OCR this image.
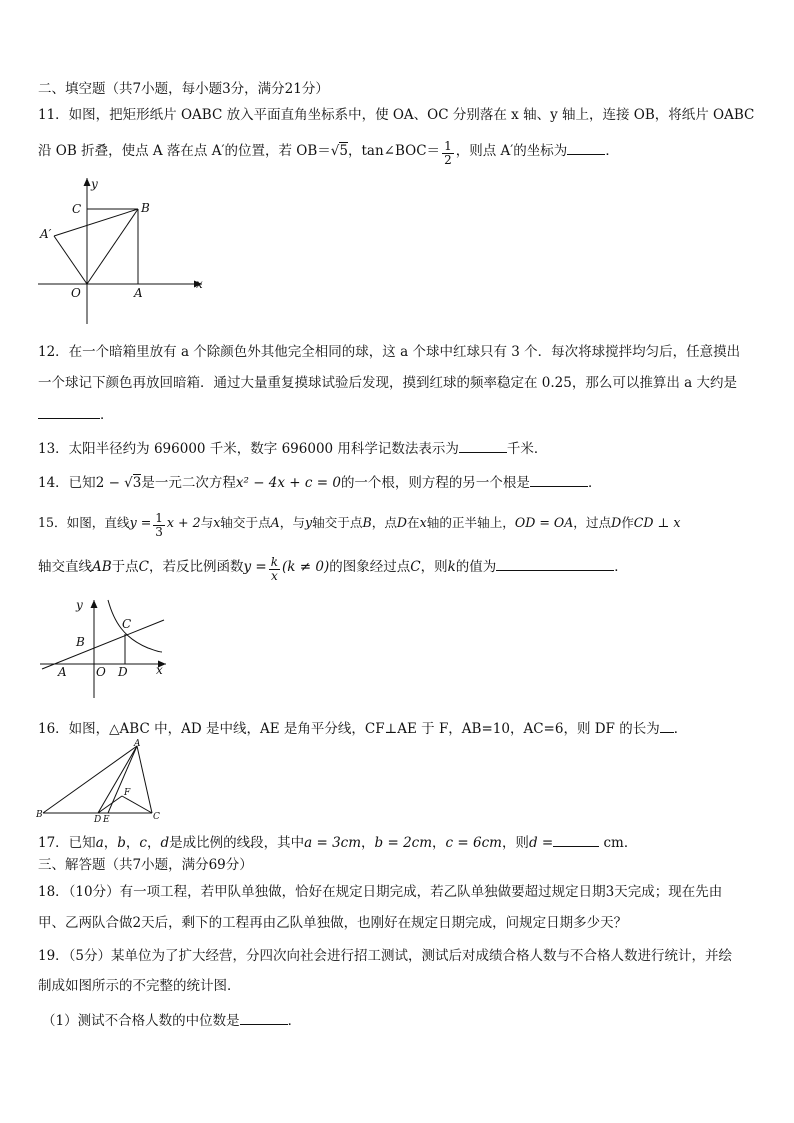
二、填空题（共7小题，每小题3分，满分21分）
11．如图，把矩形纸片 OABC 放入平面直角坐标系中，使 OA、OC 分别落在 x 轴、y 轴上，连接 OB，将纸片 OABC
沿 OB 折叠，使点 A 落在点 A′的位置，若 OB＝√5，tan∠BOC＝ $\frac{1}{2}$ ，则点 A′的坐标为	．
y
x
C	B
A′
O	A
12．在一个暗箱里放有 a 个除颜色外其他完全相同的球，这 a 个球中红球只有 3 个．每次将球搅拌均匀后，任意摸出
一个球记下颜色再放回暗箱．通过大量重复摸球试验后发现，摸到红球的频率稳定在 0.25，那么可以推算出 a 大约是
．
13．太阳半径约为 696000 千米，数字 696000 用科学记数法表示为	千米．
14．已知2 − √3是一元二次方程x² − 4x + c = 0的一个根，则方程的另一个根是	．
15．如图，直线$y = \frac{1}{3}$ x + 2与x轴交于点A，与y轴交于点B，点D在x轴的正半轴上，OD = OA，过点D作CD ⊥ x
轴交直线AB于点C，若反比例函数$y = \frac{k}{x} (k \ne 0)$的图象经过点C，则k的值为	．
y
x
C
B
A O D
16．如图，△ABC 中，AD 是中线，AE 是角平分线，CF⊥AE 于 F，AB=10，AC=6，则 DF 的长为 ．
A
B	C
D E
F
17．已知a，b，c，d是成比例的线段，其中a = 3cm，b = 2cm，c = 6cm，则d =	cm．
三、解答题（共7小题，满分69分）
18．（10分）有一项工程，若甲队单独做，恰好在规定日期完成，若乙队单独做要超过规定日期3天完成；现在先由
甲、乙两队合做2天后，剩下的工程再由乙队单独做，也刚好在规定日期完成，问规定日期多少天？
19．（5分）某单位为了扩大经营，分四次向社会进行招工测试，测试后对成绩合格人数与不合格人数进行统计，并绘
制成如图所示的不完整的统计图．
（1）测试不合格人数的中位数是	．
